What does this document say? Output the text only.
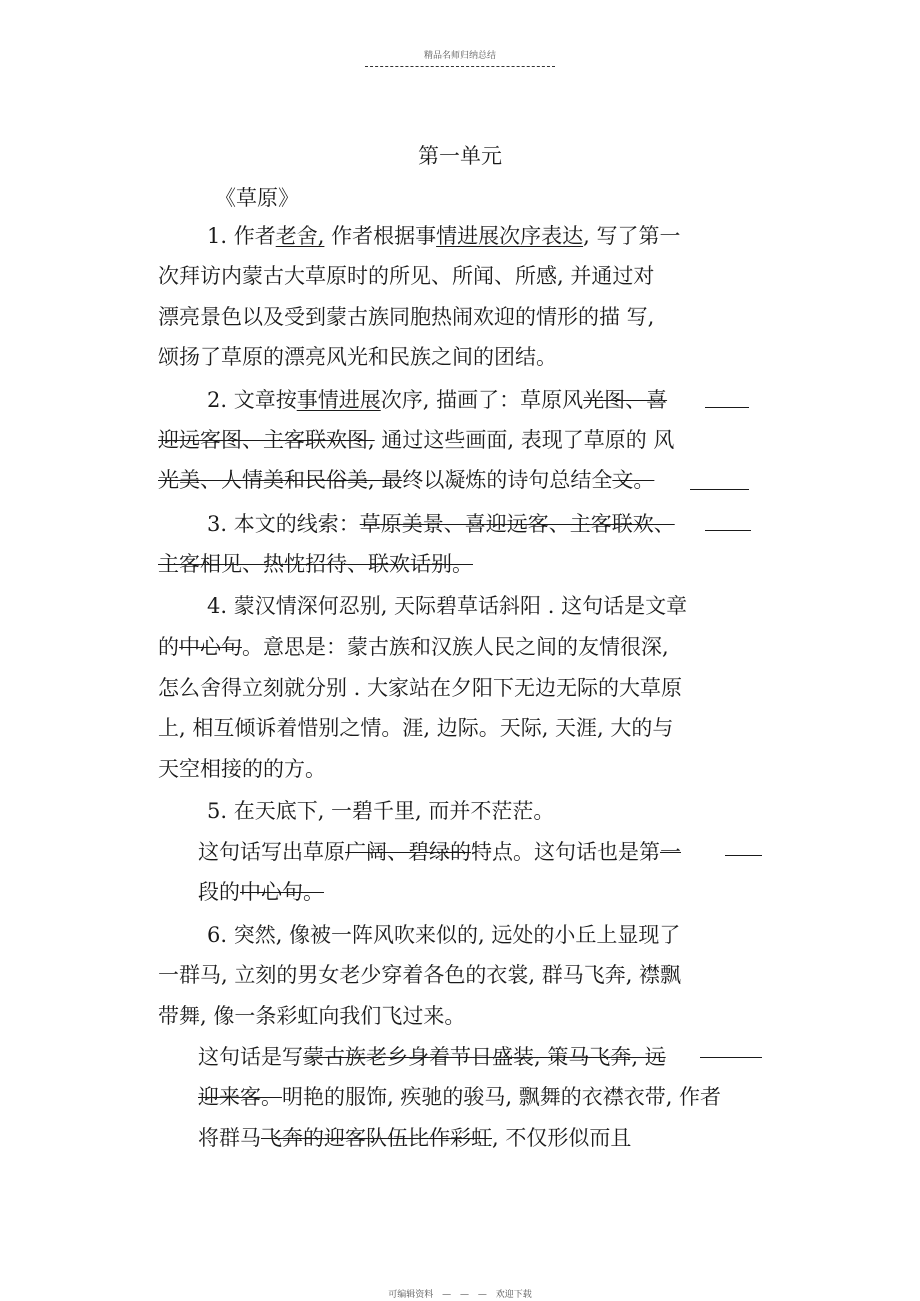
精品名师归纳总结
第一单元
《草原》
1. 作者老舍, 作者根据事情进展次序表达, 写了第一
次拜访内蒙古大草原时的所见、所闻、所感, 并通过对
漂亮景色以及受到蒙古族同胞热闹欢迎的情形的描 写,
颂扬了草原的漂亮风光和民族之间的团结。
2. 文章按事情进展次序, 描画了：草原风光图、喜
迎远客图、主客联欢图, 通过这些画面, 表现了草原的 风
光美、人情美和民俗美, 最终以凝炼的诗句总结全文。
3. 本文的线索：草原美景、喜迎远客、主客联欢、
主客相见、热忱招待、联欢话别。
4. 蒙汉情深何忍别, 天际碧草话斜阳 . 这句话是文章
的中心句。意思是：蒙古族和汉族人民之间的友情很深,
怎么舍得立刻就分别 . 大家站在夕阳下无边无际的大草原
上, 相互倾诉着惜别之情。涯, 边际。天际, 天涯, 大的与
天空相接的的方。
5. 在天底下, 一碧千里, 而并不茫茫。
这句话写出草原广阔、碧绿的特点。这句话也是第一
段的中心句。
6. 突然, 像被一阵风吹来似的, 远处的小丘上显现了
一群马, 立刻的男女老少穿着各色的衣裳, 群马飞奔, 襟飘
带舞, 像一条彩虹向我们飞过来。
这句话是写蒙古族老乡身着节日盛装, 策马飞奔, 远
迎来客。明艳的服饰, 疾驰的骏马, 飘舞的衣襟衣带, 作者
将群马飞奔的迎客队伍比作彩虹, 不仅形似而且
可编辑资料 — — — 欢迎下载
